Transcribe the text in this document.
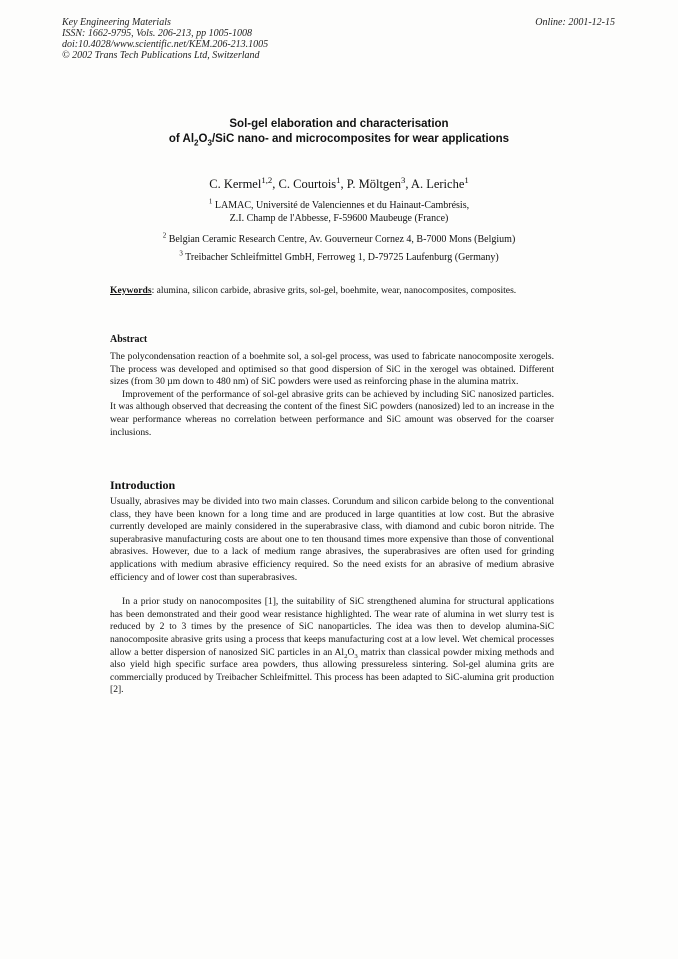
Key Engineering Materials
ISSN: 1662-9795, Vols. 206-213, pp 1005-1008
doi:10.4028/www.scientific.net/KEM.206-213.1005
© 2002 Trans Tech Publications Ltd, Switzerland
Online: 2001-12-15
Sol-gel elaboration and characterisation
of $Al_2O_3$/SiC nano- and microcomposites for wear applications
C. Kermel$^{1,2}$, C. Courtois$^1$, P. Möltgen$^3$, A. Leriche$^1$
$^1$ LAMAC, Université de Valenciennes et du Hainaut-Cambrésis,
Z.I. Champ de l'Abbesse, F-59600 Maubeuge (France)
$^2$ Belgian Ceramic Research Centre, Av. Gouverneur Cornez 4, B-7000 Mons (Belgium)
$^3$ Treibacher Schleifmittel GmbH, Ferroweg 1, D-79725 Laufenburg (Germany)
Keywords: alumina, silicon carbide, abrasive grits, sol-gel, boehmite, wear, nanocomposites, composites.
Abstract
The polycondensation reaction of a boehmite sol, a sol-gel process, was used to fabricate nanocomposite xerogels. The process was developed and optimised so that good dispersion of SiC in the xerogel was obtained. Different sizes (from 30 µm down to 480 nm) of SiC powders were used as reinforcing phase in the alumina matrix.
Improvement of the performance of sol-gel abrasive grits can be achieved by including SiC nanosized particles. It was although observed that decreasing the content of the finest SiC powders (nanosized) led to an increase in the wear performance whereas no correlation between performance and SiC amount was observed for the coarser inclusions.
Introduction
Usually, abrasives may be divided into two main classes. Corundum and silicon carbide belong to the conventional class, they have been known for a long time and are produced in large quantities at low cost. But the abrasive currently developed are mainly considered in the superabrasive class, with diamond and cubic boron nitride. The superabrasive manufacturing costs are about one to ten thousand times more expensive than those of conventional abrasives. However, due to a lack of medium range abrasives, the superabrasives are often used for grinding applications with medium abrasive efficiency required. So the need exists for an abrasive of medium abrasive efficiency and of lower cost than superabrasives.
In a prior study on nanocomposites [1], the suitability of SiC strengthened alumina for structural applications has been demonstrated and their good wear resistance highlighted. The wear rate of alumina in wet slurry test is reduced by 2 to 3 times by the presence of SiC nanoparticles. The idea was then to develop alumina-SiC nanocomposite abrasive grits using a process that keeps manufacturing cost at a low level. Wet chemical processes allow a better dispersion of nanosized SiC particles in an $Al_2O_3$ matrix than classical powder mixing methods and also yield high specific surface area powders, thus allowing pressureless sintering. Sol-gel alumina grits are commercially produced by Treibacher Schleifmittel. This process has been adapted to SiC-alumina grit production [2].
